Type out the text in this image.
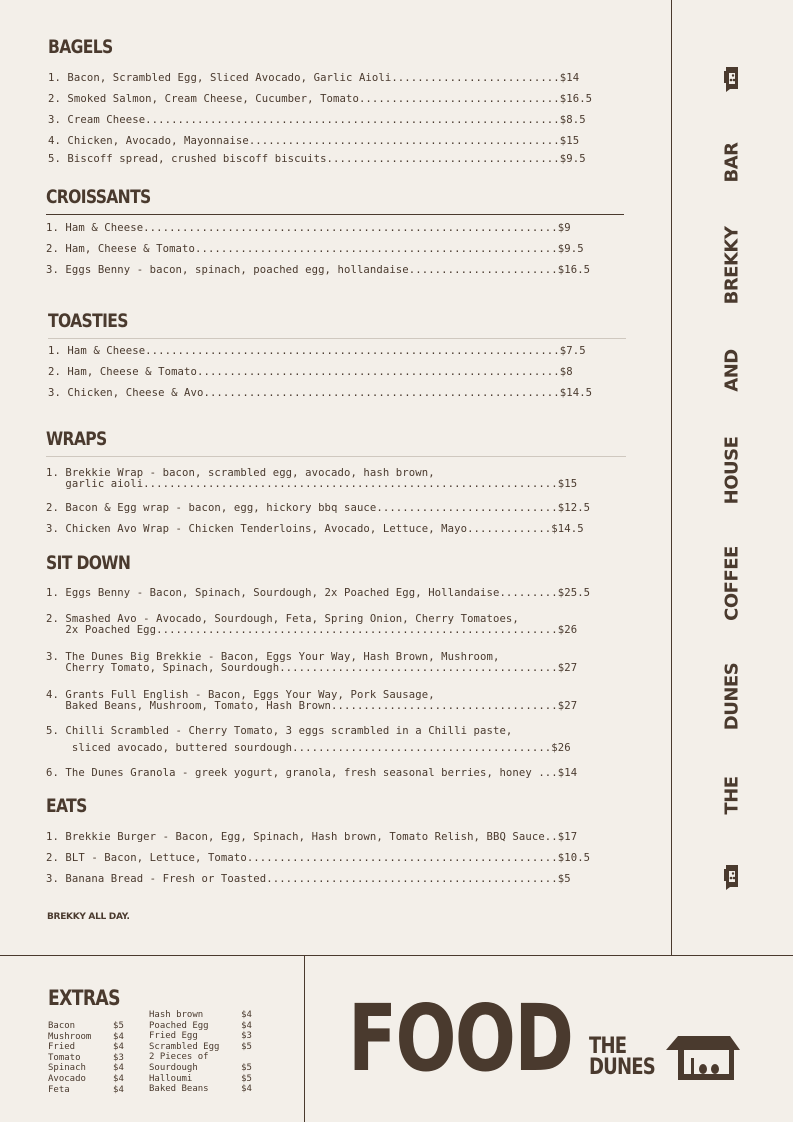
BAGELS
1. Bacon, Scrambled Egg, Sliced Avocado, Garlic Aioli..........................$14
2. Smoked Salmon, Cream Cheese, Cucumber, Tomato...............................$16.5
3. Cream Cheese................................................................$8.5
4. Chicken, Avocado, Mayonnaise................................................$15
5. Biscoff spread, crushed biscoff biscuits....................................$9.5
CROISSANTS
1. Ham & Cheese................................................................$9
2. Ham, Cheese & Tomato........................................................$9.5
3. Eggs Benny - bacon, spinach, poached egg, hollandaise.......................$16.5
TOASTIES
1. Ham & Cheese................................................................$7.5
2. Ham, Cheese & Tomato........................................................$8
3. Chicken, Cheese & Avo.......................................................$14.5
WRAPS
1. Brekkie Wrap - bacon, scrambled egg, avocado, hash brown,
garlic aioli................................................................$15
2. Bacon & Egg wrap - bacon, egg, hickory bbq sauce............................$12.5
3. Chicken Avo Wrap - Chicken Tenderloins, Avocado, Lettuce, Mayo.............$14.5
SIT DOWN
1. Eggs Benny - Bacon, Spinach, Sourdough, 2x Poached Egg, Hollandaise.........$25.5
2. Smashed Avo - Avocado, Sourdough, Feta, Spring Onion, Cherry Tomatoes,
2x Poached Egg..............................................................$26
3. The Dunes Big Brekkie - Bacon, Eggs Your Way, Hash Brown, Mushroom,
Cherry Tomato, Spinach, Sourdough...........................................$27
4. Grants Full English - Bacon, Eggs Your Way, Pork Sausage,
Baked Beans, Mushroom, Tomato, Hash Brown...................................$27
5. Chilli Scrambled - Cherry Tomato, 3 eggs scrambled in a Chilli paste,
sliced avocado, buttered sourdough........................................$26
6. The Dunes Granola - greek yogurt, granola, fresh seasonal berries, honey ...$14
EATS
1. Brekkie Burger - Bacon, Egg, Spinach, Hash brown, Tomato Relish, BBQ Sauce..$17
2. BLT - Bacon, Lettuce, Tomato................................................$10.5
3. Banana Bread - Fresh or Toasted.............................................$5
BREKKY ALL DAY.
BAR
BREKKY
AND
HOUSE
COFFEE
DUNES
THE
EXTRAS
Bacon       $5
Mushroom    $4
Fried       $4
Tomato      $3
Spinach     $4
Avocado     $4
Feta        $4
Hash brown       $4
Poached Egg      $4
Fried Egg        $3
Scrambled Egg    $5
2 Pieces of
Sourdough        $5
Halloumi         $5
Baked Beans      $4 FOOD THE
DUNES
